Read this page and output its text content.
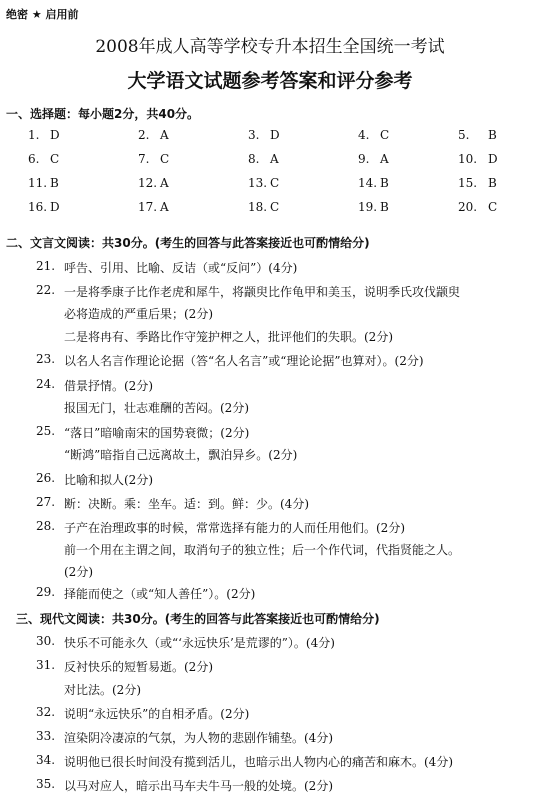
绝密 ★ 启用前
2008年成人高等学校专升本招生全国统一考试
大学语文试题参考答案和评分参考
一、选择题：每小题2分，共40分。
1. D	2. A	3. D	4. C	5. B
6. C	7. C	8. A	9. A	10. D
11. B	12. A	13. C	14. B	15. B
16. D	17. A	18. C	19. B	20. C
二、文言文阅读：共30分。(考生的回答与此答案接近也可酌情给分)
21. 呼告、引用、比喻、反诘（或“反问”）(4分)
22. 一是将季康子比作老虎和犀牛，将颛臾比作龟甲和美玉，说明季氏攻伐颛臾
必将造成的严重后果；(2分)
二是将冉有、季路比作守笼护柙之人，批评他们的失职。(2分)
23. 以名人名言作理论论据（答“名人名言”或“理论论据”也算对）。(2分)
24. 借景抒情。(2分)
报国无门，壮志难酬的苦闷。(2分)
25. “落日”暗喻南宋的国势衰微；(2分)
“断鸿”暗指自己远离故土，飘泊异乡。(2分)
26. 比喻和拟人(2分)
27. 断：决断。乘：坐车。适：到。鲜：少。(4分)
28. 子产在治理政事的时候，常常选择有能力的人而任用他们。(2分)
前一个用在主谓之间，取消句子的独立性；后一个作代词，代指贤能之人。
(2分)
29. 择能而使之（或“知人善任”）。(2分)
三、现代文阅读：共30分。(考生的回答与此答案接近也可酌情给分)
30. 快乐不可能永久（或“‘永远快乐’是荒谬的”）。(4分)
31. 反衬快乐的短暂易逝。(2分)
对比法。(2分)
32. 说明“永远快乐”的自相矛盾。(2分)
33. 渲染阴冷凄凉的气氛，为人物的悲剧作铺垫。(4分)
34. 说明他已很长时间没有揽到活儿，也暗示出人物内心的痛苦和麻木。(4分)
35. 以马对应人，暗示出马车夫牛马一般的处境。(2分)
